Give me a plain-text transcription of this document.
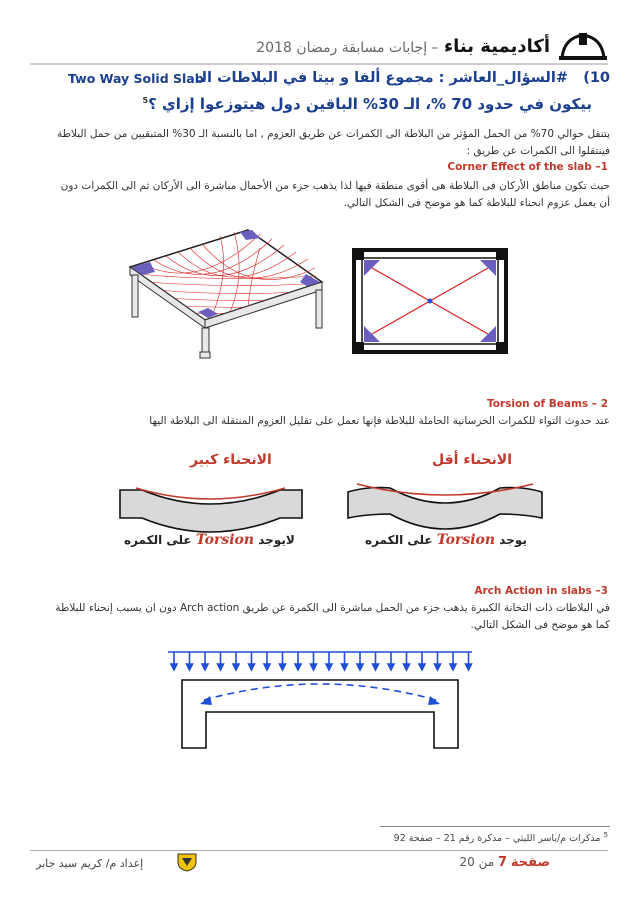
أكاديمية بناء – إجابات مسابقة رمضان 2018
(10
#السؤال_العاشر : مجموع ألفا و بيتا في البلاطات الـ
Two Way Solid Slab
بيكون في حدود 70 %، الـ 30% الباقين دول هيتوزعوا إزاي ؟$^5$
يتنقل حوالي 70% من الحمل المؤثر من البلاطة الى الكمرات عن طريق العزوم , اما بالنسبة الـ 30% المتبقيين من حمل البلاطة فينتقلوا الى الكمرات عن طريق :
Corner Effect of the slab –1
حيث تكون مناطق الأركان فى البلاطة هى أقوى منطقة فيها لذا يذهب جزء من الأحمال مباشرة الى الأركان ثم الى الكمرات دون أن يعمل عزوم انحناء للبلاطة كما هو موضح فى الشكل التالي.
Torsion of Beams – 2
عند حدوث التواء للكمرات الخرسانية الحاملة للبلاطة فإنها تعمل على تقليل العزوم المنتقلة الى البلاطة اليها
الانحناء كبير	الانحناء أقل
على الكمره Torsion لايوجد	على الكمره Torsion يوجد
Arch Action in slabs –3
في البلاطات ذات التخانة الكبيرة يذهب جزء من الحمل مباشرة الى الكمرة عن طريق Arch action دون ان يسبب إنحناء للبلاطة كما هو موضح فى الشكل التالي.
$^5$ مذكرات م/ياسر الليثي – مذكرة رقم 21 – صفحة 92
صفحة 7 من 20
إعداد م/ كريم سيد جابر
